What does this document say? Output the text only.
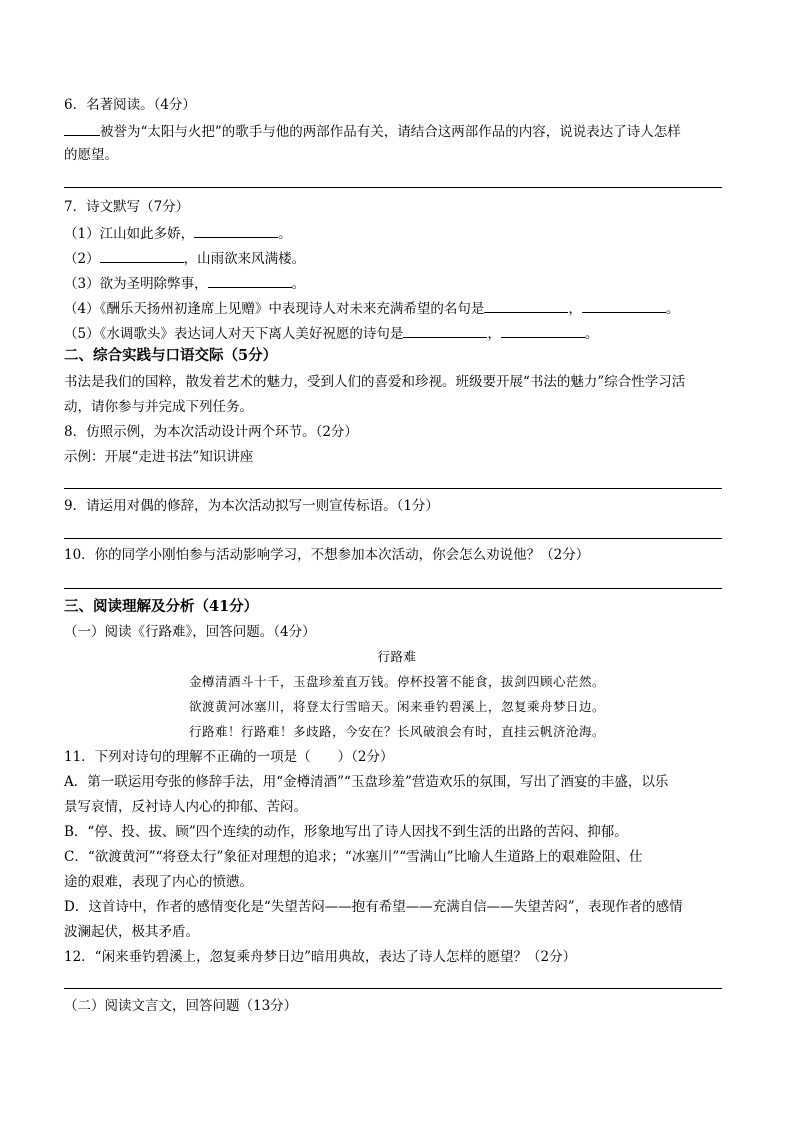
6．名著阅读。（4分）
被誉为“太阳与火把”的歌手与他的两部作品有关，请结合这两部作品的内容，说说表达了诗人怎样
的愿望。
7．诗文默写（7分）
（1）江山如此多娇，	。
（2）	，山雨欲来风满楼。
（3）欲为圣明除弊事，	。
（4）《酬乐天扬州初逢席上见赠》中表现诗人对未来充满希望的名句是	，	。
（5）《水调歌头》表达词人对天下离人美好祝愿的诗句是	，	。
二、综合实践与口语交际（5分）
书法是我们的国粹，散发着艺术的魅力，受到人们的喜爱和珍视。班级要开展“书法的魅力”综合性学习活
动，请你参与并完成下列任务。
8．仿照示例，为本次活动设计两个环节。（2分）
示例：开展“走进书法”知识讲座
9．请运用对偶的修辞，为本次活动拟写一则宣传标语。（1分）
10．你的同学小刚怕参与活动影响学习，不想参加本次活动，你会怎么劝说他？（2分）
三、阅读理解及分析（41分）
（一）阅读《行路难》，回答问题。（4分）
行路难
金樽清酒斗十千，玉盘珍羞直万钱。停杯投箸不能食，拔剑四顾心茫然。
欲渡黄河冰塞川，将登太行雪暗天。闲来垂钓碧溪上，忽复乘舟梦日边。
行路难！行路难！多歧路，今安在？长风破浪会有时，直挂云帆济沧海。
11．下列对诗句的理解不正确的一项是（　　）（2分）
A．第一联运用夸张的修辞手法，用“金樽清酒”“玉盘珍羞”营造欢乐的氛围，写出了酒宴的丰盛，以乐
景写哀情，反衬诗人内心的抑郁、苦闷。
B．“停、投、拔、顾”四个连续的动作，形象地写出了诗人因找不到生活的出路的苦闷、抑郁。
C．“欲渡黄河”“将登太行”象征对理想的追求；“冰塞川”“雪满山”比喻人生道路上的艰难险阻、仕
途的艰难，表现了内心的愤懑。
D．这首诗中，作者的感情变化是“失望苦闷——抱有希望——充满自信——失望苦闷”，表现作者的感情
波澜起伏，极其矛盾。
12．“闲来垂钓碧溪上，忽复乘舟梦日边”暗用典故，表达了诗人怎样的愿望？（2分）
（二）阅读文言文，回答问题（13分）
